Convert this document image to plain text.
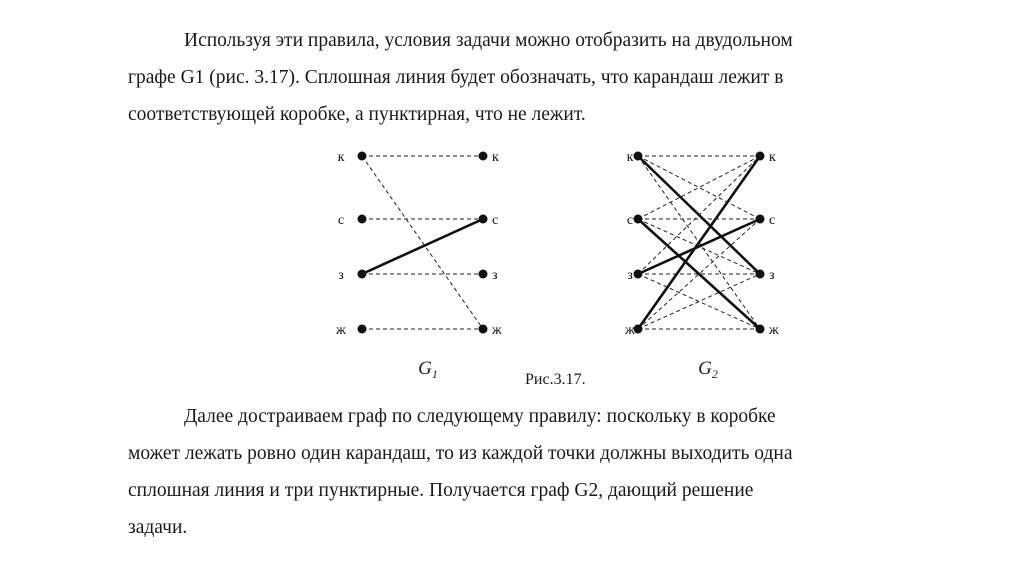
Используя эти правила, условия задачи можно отобразить на двудольном
графе G1 (рис. 3.17). Сплошная линия будет обозначать, что карандаш лежит в
соответствующей коробке, а пунктирная, что не лежит.
к	к
с	с
з	з
ж	ж
$G_1$
к	к
с	с
з	з
ж	ж
$G_2$
Рис.3.17.
Далее достраиваем граф по следующему правилу: поскольку в коробке
может лежать ровно один карандаш, то из каждой точки должны выходить одна
сплошная линия и три пунктирные. Получается граф G2, дающий решение
задачи.
